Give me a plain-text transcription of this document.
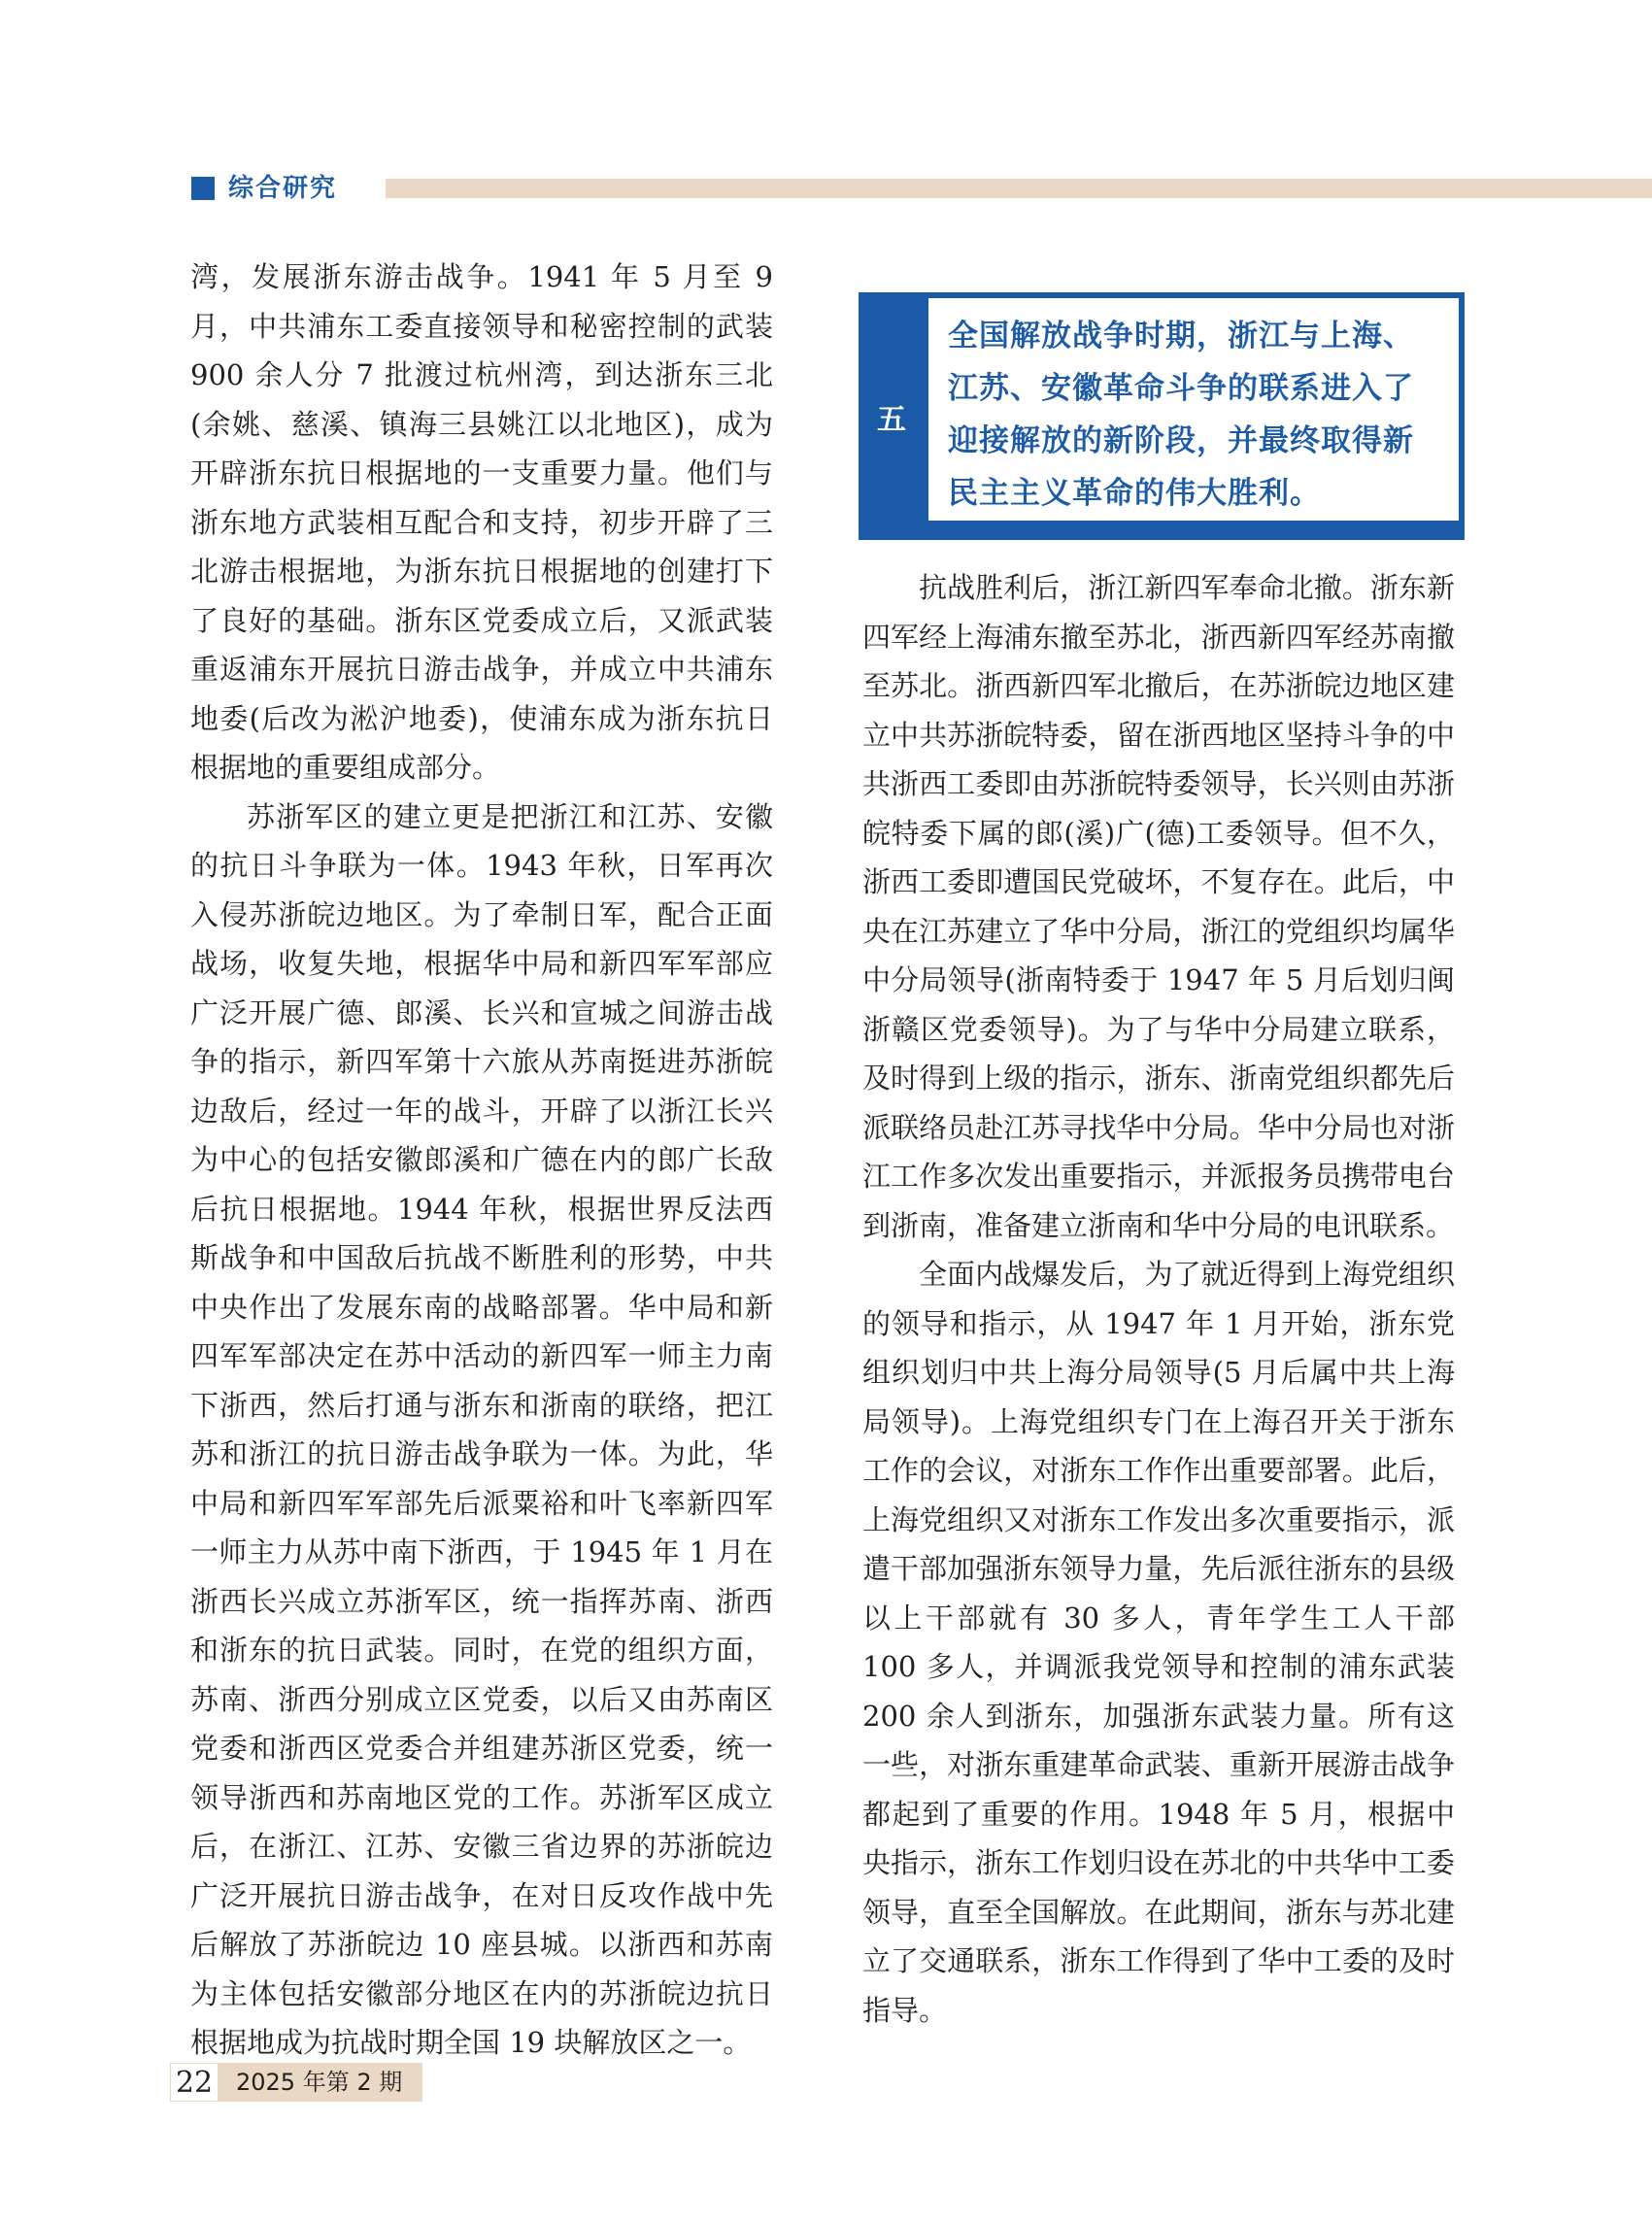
综合研究

湾，发展浙东游击战争。1941 年 5 月至 9 月，中共浦东工委直接领导和秘密控制的武装 900 余人分 7 批渡过杭州湾，到达浙东三北(余姚、慈溪、镇海三县姚江以北地区)，成为开辟浙东抗日根据地的一支重要力量。他们与浙东地方武装相互配合和支持，初步开辟了三北游击根据地，为浙东抗日根据地的创建打下了良好的基础。浙东区党委成立后，又派武装重返浦东开展抗日游击战争，并成立中共浦东地委(后改为淞沪地委)，使浦东成为浙东抗日根据地的重要组成部分。

苏浙军区的建立更是把浙江和江苏、安徽的抗日斗争联为一体。1943 年秋，日军再次入侵苏浙皖边地区。为了牵制日军，配合正面战场，收复失地，根据华中局和新四军军部应广泛开展广德、郎溪、长兴和宣城之间游击战争的指示，新四军第十六旅从苏南挺进苏浙皖边敌后，经过一年的战斗，开辟了以浙江长兴为中心的包括安徽郎溪和广德在内的郎广长敌后抗日根据地。1944 年秋，根据世界反法西斯战争和中国敌后抗战不断胜利的形势，中共中央作出了发展东南的战略部署。华中局和新四军军部决定在苏中活动的新四军一师主力南下浙西，然后打通与浙东和浙南的联络，把江苏和浙江的抗日游击战争联为一体。为此，华中局和新四军军部先后派粟裕和叶飞率新四军一师主力从苏中南下浙西，于 1945 年 1 月在浙西长兴成立苏浙军区，统一指挥苏南、浙西和浙东的抗日武装。同时，在党的组织方面，苏南、浙西分别成立区党委，以后又由苏南区党委和浙西区党委合并组建苏浙区党委，统一领导浙西和苏南地区党的工作。苏浙军区成立后，在浙江、江苏、安徽三省边界的苏浙皖边广泛开展抗日游击战争，在对日反攻作战中先后解放了苏浙皖边 10 座县城。以浙西和苏南为主体包括安徽部分地区在内的苏浙皖边抗日根据地成为抗战时期全国 19 块解放区之一。

五

全国解放战争时期，浙江与上海、江苏、安徽革命斗争的联系进入了迎接解放的新阶段，并最终取得新民主主义革命的伟大胜利。

抗战胜利后，浙江新四军奉命北撤。浙东新四军经上海浦东撤至苏北，浙西新四军经苏南撤至苏北。浙西新四军北撤后，在苏浙皖边地区建立中共苏浙皖特委，留在浙西地区坚持斗争的中共浙西工委即由苏浙皖特委领导，长兴则由苏浙皖特委下属的郎(溪)广(德)工委领导。但不久，浙西工委即遭国民党破坏，不复存在。此后，中央在江苏建立了华中分局，浙江的党组织均属华中分局领导(浙南特委于 1947 年 5 月后划归闽浙赣区党委领导)。为了与华中分局建立联系，及时得到上级的指示，浙东、浙南党组织都先后派联络员赴江苏寻找华中分局。华中分局也对浙江工作多次发出重要指示，并派报务员携带电台到浙南，准备建立浙南和华中分局的电讯联系。

全面内战爆发后，为了就近得到上海党组织的领导和指示，从 1947 年 1 月开始，浙东党组织划归中共上海分局领导(5 月后属中共上海局领导)。上海党组织专门在上海召开关于浙东工作的会议，对浙东工作作出重要部署。此后，上海党组织又对浙东工作发出多次重要指示，派遣干部加强浙东领导力量，先后派往浙东的县级以上干部就有 30 多人，青年学生工人干部 100 多人，并调派我党领导和控制的浦东武装 200 余人到浙东，加强浙东武装力量。所有这一些，对浙东重建革命武装、重新开展游击战争都起到了重要的作用。1948 年 5 月，根据中央指示，浙东工作划归设在苏北的中共华中工委领导，直至全国解放。在此期间，浙东与苏北建立了交通联系，浙东工作得到了华中工委的及时指导。

22 2025 年第 2 期
